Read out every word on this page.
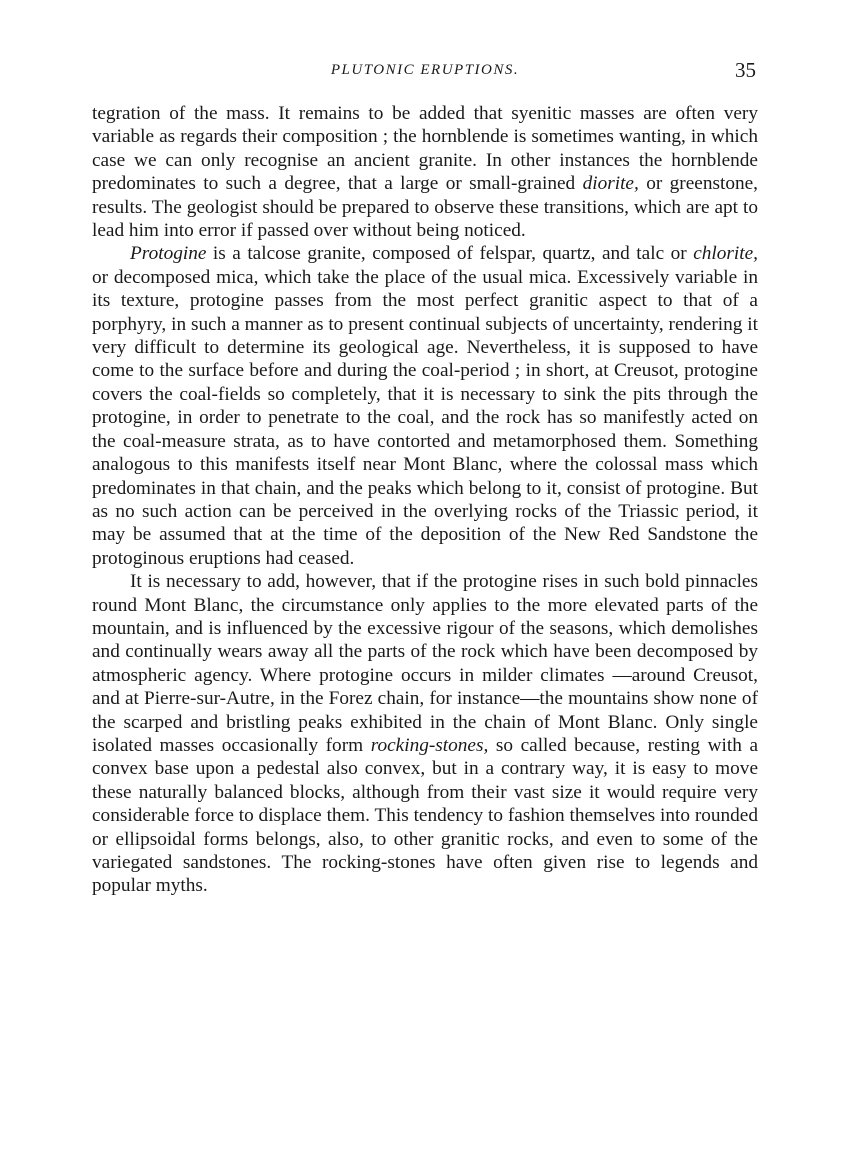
PLUTONIC ERUPTIONS.	35

tegration of the mass. It remains to be added that syenitic masses are often very variable as regards their composition ; the hornblende is sometimes wanting, in which case we can only recognise an ancient granite. In other instances the hornblende predominates to such a degree, that a large or small-grained diorite, or greenstone, results. The geologist should be prepared to observe these transitions, which are apt to lead him into error if passed over without being noticed.

Protogine is a talcose granite, composed of felspar, quartz, and talc or chlorite, or decomposed mica, which take the place of the usual mica. Excessively variable in its texture, protogine passes from the most perfect granitic aspect to that of a porphyry, in such a manner as to present continual subjects of uncertainty, rendering it very difficult to determine its geological age. Nevertheless, it is supposed to have come to the surface before and during the coal-period ; in short, at Creusot, protogine covers the coal-fields so completely, that it is necessary to sink the pits through the protogine, in order to penetrate to the coal, and the rock has so manifestly acted on the coal-measure strata, as to have contorted and metamorphosed them. Something analogous to this manifests itself near Mont Blanc, where the colossal mass which predominates in that chain, and the peaks which belong to it, consist of protogine. But as no such action can be perceived in the overlying rocks of the Triassic period, it may be assumed that at the time of the deposition of the New Red Sandstone the protoginous eruptions had ceased.

It is necessary to add, however, that if the protogine rises in such bold pinnacles round Mont Blanc, the circumstance only applies to the more elevated parts of the mountain, and is influenced by the excessive rigour of the seasons, which demolishes and continually wears away all the parts of the rock which have been decomposed by atmospheric agency. Where protogine occurs in milder climates —around Creusot, and at Pierre-sur-Autre, in the Forez chain, for instance—the mountains show none of the scarped and bristling peaks exhibited in the chain of Mont Blanc. Only single isolated masses occasionally form rocking-stones, so called because, resting with a convex base upon a pedestal also convex, but in a contrary way, it is easy to move these naturally balanced blocks, although from their vast size it would require very considerable force to displace them. This tendency to fashion themselves into rounded or ellipsoidal forms belongs, also, to other granitic rocks, and even to some of the variegated sandstones. The rocking-stones have often given rise to legends and popular myths.
